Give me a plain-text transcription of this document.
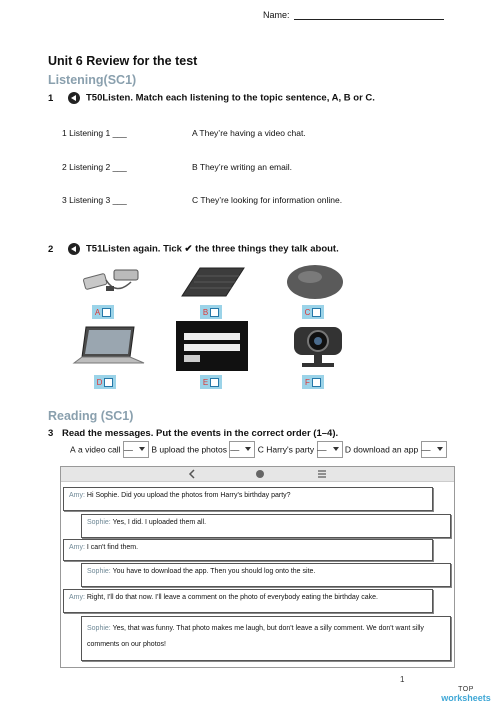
Name:
Unit 6 Review for the test
Listening(SC1)
1	T50Listen. Match each listening to the topic sentence, A, B or C.
1 Listening 1 ___
2 Listening 2 ___
3 Listening 3 ___
A They’re having a video chat.
B They’re writing an email.
C They’re looking for information online.
2	T51Listen again. Tick ✔ the three things they talk about.
A	B	C
D	E	F
Reading (SC1)
3 Read the messages. Put the events in the correct order (1–4).
A a video call __ B upload the photos __ C Harry's party __ D download an app __
Amy: Hi Sophie. Did you upload the photos from Harry's birthday party?
Sophie: Yes, I did. I uploaded them all.
Amy: I can't find them.
Sophie: You have to download the app. Then you should log onto the site.
Amy: Right, I'll do that now. I'll leave a comment on the photo of everybody eating the birthday cake.
Sophie: Yes, that was funny. That photo makes me laugh, but don't leave a silly comment. We don't want silly comments on our photos!
1
TOP
worksheets
